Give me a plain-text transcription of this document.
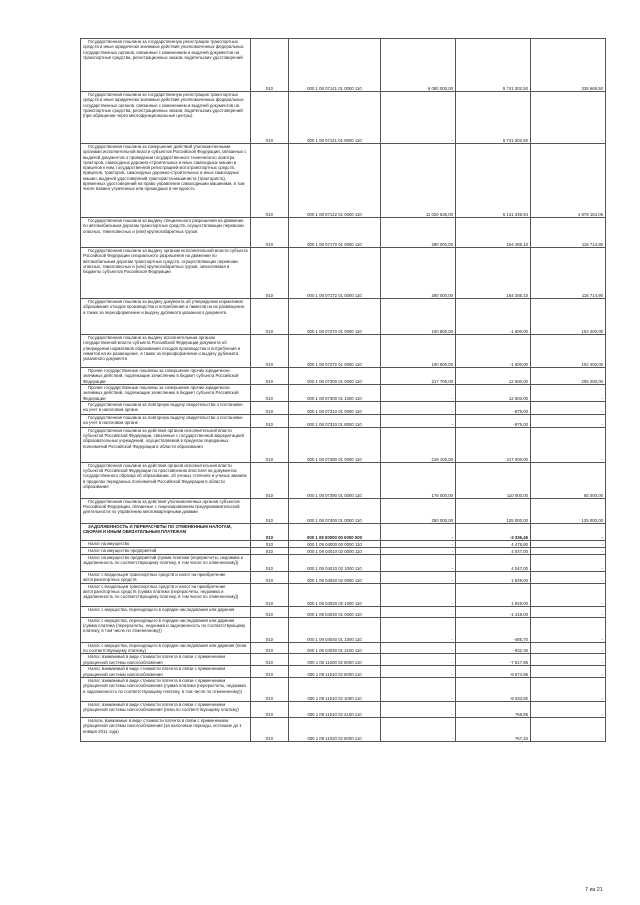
Государственная пошлина за государственную регистрацию транспортных средств и иные юридически значимые действия уполномоченных федеральных государственных органов, связанные с изменением и выдачей документов на транспортные средства, регистрационных знаков, водительских удостоверений	010	000 1 08 07141 01 0000 110	6 080 000,00	5 741 302,50	338 669,50

Государственная пошлина за государственную регистрацию транспортных средств и иные юридически значимые действия уполномоченных федеральных государственных органов, связанные с изменением и выдачей документов на транспортные средства, регистрационных знаков, водительских удостоверений (при обращении через многофункциональные центры)	010	000 1 08 07141 01 8000 110	-	5 741 302,50	-

Государственная пошлина за совершение действий уполномоченными органами исполнительной власти субъектов Российской Федерации, связанных с выдачей документов о проведении государственного технического осмотра тракторов, самоходных дорожно-строительных и иных самоходных машин и прицепов к ним, государственной регистрацией мототранспортных средств, прицепов, тракторов, самоходных дорожно-строительных и иных самоходных машин, выдачей удостоверений тракториста-машиниста (тракториста), временных удостоверений на право управления самоходными машинами, в том числе взамен утраченных или пришедших в негодность	010	000 1 08 07142 01 0000 110	11 020 536,00	6 141 346,94	4 879 154,06

Государственная пошлина за выдачу специального разрешения на движение по автомобильным дорогам транспортных средств, осуществляющих перевозки опасных, тяжеловесных и (или) крупногабаритных грузов	010	000 1 08 07170 01 0000 110	280 000,00	164 285,10	115 714,90

Государственная пошлина за выдачу органом исполнительной власти субъекта Российской Федерации специального разрешения на движение по автомобильным дорогам транспортных средств, осуществляющих перевозки опасных, тяжеловесных и (или) крупногабаритных грузов, зачисляемая в бюджеты субъектов Российской Федерации	010	000 1 08 07172 01 0000 110	280 000,00	164 285,10	115 714,90

Государственная пошлина за выдачу документа об утверждении нормативов образования отходов производства и потребления и лимитов на их размещение, а также за переоформление и выдачу дубликата указанного документа	010	000 1 08 07270 01 0000 110	100 800,00	-1 600,00	102 400,00

Государственная пошлина за выдачу исполнительным органом государственной власти субъекта Российской Федерации документа об утверждении нормативов образования отходов производства и потребления и лимитов на их размещение, а также за переоформление и выдачу дубликата указанного документа	010	000 1 08 07272 01 0000 110	100 800,00	-1 600,00	102 400,00

Прочие государственные пошлины за совершение прочих юридически значимых действий, подлежащие зачислению в бюджет субъекта Российской Федерации	010	000 1 08 07300 01 0000 110	217 700,00	12 500,00	205 200,00

Прочие государственные пошлины за совершение прочих юридически значимых действий, подлежащие зачислению в бюджет субъекта Российской Федерации	010	000 1 08 07300 01 1000 110	-	12 500,00	-

Государственная пошлина за повторную выдачу свидетельства о постановке на учет в налоговом органе	010	000 1 08 07310 01 0000 110	-	-875,00	-

Государственная пошлина за повторную выдачу свидетельства о постановке на учет в налоговом органе	010	000 1 08 07310 01 8000 110	-	-875,00	-

Государственная пошлина за действия органов исполнительной власти субъектов Российской Федерации, связанные с государственной аккредитацией образовательных учреждений, осуществляемой в пределах переданных полномочий Российской Федерации в области образования	010	000 1 08 07380 01 0000 110	218 100,00	217 000,00	-

Государственная пошлина за действия органов исполнительной власти субъектов Российской Федерации по проставлению апостиля на документах государственного образца об образовании, об ученых степенях и ученых званиях в пределах переданных полномочий Российской Федерации в области образования	010	000 1 08 07390 01 0000 110	175 000,00	110 000,00	65 000,00

Государственная пошлина за действия уполномоченных органов субъектов Российской Федерации, связанные с лицензированием предпринимательской деятельности по управлению многоквартирными домами	010	000 1 08 07400 01 0000 110	250 000,00	125 000,00	125 000,00

ЗАДОЛЖЕННОСТЬ И ПЕРЕРАСЧЕТЫ ПО ОТМЕНЕННЫМ НАЛОГАМ, СБОРАМ И ИНЫМ ОБЯЗАТЕЛЬНЫМ ПЛАТЕЖАМ	010	000 1 09 00000 00 0000 000	-	-3 336,46	-

Налог на имущество	010	000 1 09 04000 00 0000 110	-	4 478,80	-

Налог на имущество предприятий	010	000 1 09 04010 02 0000 110	-	4 047,00	-

Налог на имущество предприятий (сумма платежа (перерасчеты, недоимка и задолженность по соответствующему платежу, в том числе по отмененному))	010	000 1 09 04010 02 1000 110	-	4 047,00	-

Налог с владельцев транспортных средств и налог на приобретение автотранспортных средств	010	000 1 09 04020 02 0000 110	-	1 849,00	-

Налог с владельцев транспортных средств и налог на приобретение автотранспортных средств (сумма платежа (перерасчеты, недоимка и задолженность по соответствующему платежу, в том числе по отмененному))	010	000 1 09 04020 02 1000 110	-	1 849,00	-

Налог с имущества, переходящего в порядке наследования или дарения	010	000 1 09 04040 01 0000 110	-	-1 418,00	-

Налог с имущества, переходящего в порядке наследования или дарения (сумма платежа (перерасчеты, недоимка и задолженность по соответствующему платежу, в том числе по отмененному))	010	000 1 09 04040 01 1000 110	-	-485,70	-

Налог с имущества, переходящего в порядке наследования или дарения (пени по соответствующему платежу)	010	000 1 09 04040 01 2100 110	-	-932,30	-

Налог, взимаемый в виде стоимости патента в связи с применением упрощенной системы налогообложения	010	000 1 09 11000 02 0000 110	-	-7 817,86	-

Налог, взимаемый в виде стоимости патента в связи с применением упрощенной системы налогообложения	010	000 1 09 11010 02 0000 110	-	-9 574,96	-

Налог, взимаемый в виде стоимости патента в связи с применением упрощенной системы налогообложения (сумма платежа (перерасчеты, недоимка и задолженность по соответствующему платежу, в том числе по отмененному))	010	000 1 09 11010 02 1000 110	-	-9 333,80	-

Налог, взимаемый в виде стоимости патента в связи с применением упрощенной системы налогообложения (пени по соответствующему платежу)	010	000 1 09 11010 02 2100 110	-	758,85	-

Налоги, взимаемые в виде стоимости патента в связи с применением упрощенной системы налогообложения (за налоговые периоды, истекшие до 1 января 2011 года)	010	000 1 09 11020 02 0000 110	-	767,40	-
7 из 21
